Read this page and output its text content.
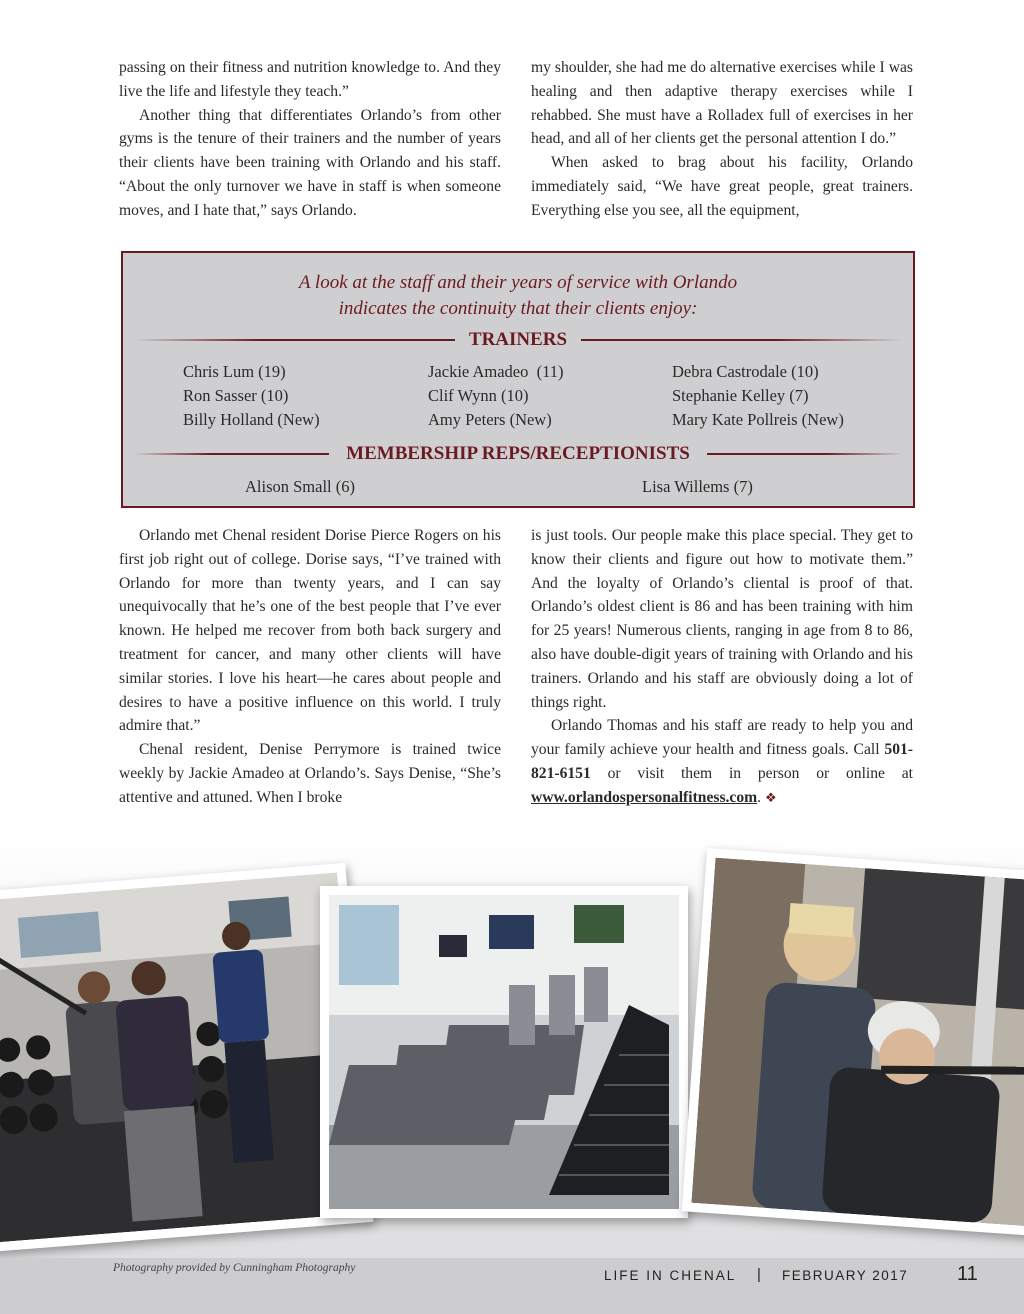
passing on their fitness and nutrition knowledge to. And they live the life and lifestyle they teach.”

Another thing that differentiates Orlando’s from other gyms is the tenure of their trainers and the number of years their clients have been training with Orlando and his staff. “About the only turnover we have in staff is when someone moves, and I hate that,” says Orlando.

my shoulder, she had me do alternative exercises while I was healing and then adaptive therapy exercises while I rehabbed. She must have a Rolladex full of exercises in her head, and all of her clients get the personal attention I do.”

When asked to brag about his facility, Orlando immediately said, “We have great people, great trainers. Everything else you see, all the equipment,

A look at the staff and their years of service with Orlando
indicates the continuity that their clients enjoy:
TRAINERS
Chris Lum (19)
Ron Sasser (10)
Billy Holland (New)
Jackie Amadeo  (11)
Clif Wynn (10)
Amy Peters (New)
Debra Castrodale (10)
Stephanie Kelley (7)
Mary Kate Pollreis (New)
MEMBERSHIP REPS/RECEPTIONISTS
Alison Small (6)	Lisa Willems (7)

Orlando met Chenal resident Dorise Pierce Rogers on his first job right out of college. Dorise says, “I’ve trained with Orlando for more than twenty years, and I can say unequivocally that he’s one of the best people that I’ve ever known. He helped me recover from both back surgery and treatment for cancer, and many other clients will have similar stories. I love his heart—he cares about people and desires to have a positive influence on this world. I truly admire that.”

Chenal resident, Denise Perrymore is trained twice weekly by Jackie Amadeo at Orlando’s. Says Denise, “She’s attentive and attuned. When I broke

is just tools. Our people make this place special. They get to know their clients and figure out how to motivate them.” And the loyalty of Orlando’s cliental is proof of that. Orlando’s oldest client is 86 and has been training with him for 25 years! Numerous clients, ranging in age from 8 to 86, also have double-digit years of training with Orlando and his trainers. Orlando and his staff are obviously doing a lot of things right.

Orlando Thomas and his staff are ready to help you and your family achieve your health and fitness goals. Call 501-821-6151 or visit them in person or online at www.orlandospersonalfitness.com. ❖

Photography provided by Cunningham Photography	LIFE IN CHENAL | FEBRUARY 2017 11
